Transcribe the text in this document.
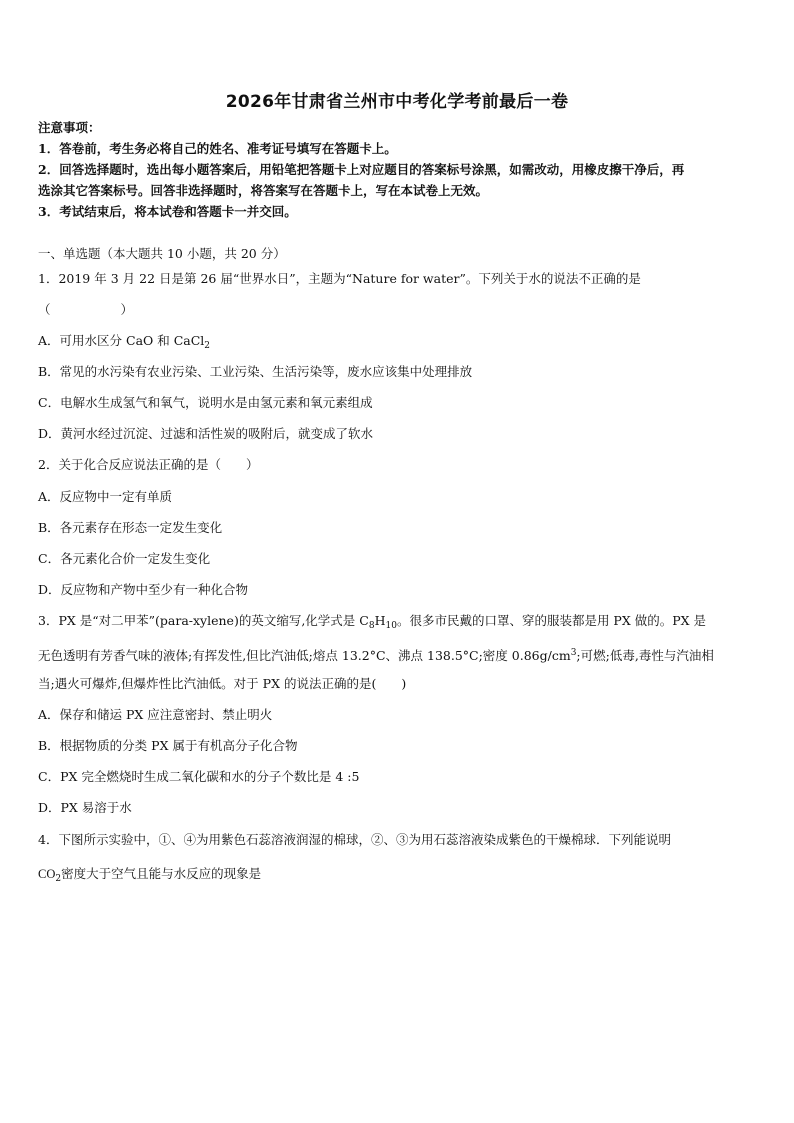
2026年甘肃省兰州市中考化学考前最后一卷
注意事项：
1．答卷前，考生务必将自己的姓名、准考证号填写在答题卡上。
2．回答选择题时，选出每小题答案后，用铅笔把答题卡上对应题目的答案标号涂黑，如需改动，用橡皮擦干净后，再
选涂其它答案标号。回答非选择题时，将答案写在答题卡上，写在本试卷上无效。
3．考试结束后，将本试卷和答题卡一并交回。
一、单选题（本大题共 10 小题，共 20 分）
1．2019 年 3 月 22 日是第 26 届“世界水日”，主题为“Nature for water”。下列关于水的说法不正确的是
（	）
A．可用水区分 CaO 和 CaCl$_2$
B．常见的水污染有农业污染、工业污染、生活污染等，废水应该集中处理排放
C．电解水生成氢气和氧气，说明水是由氢元素和氧元素组成
D．黄河水经过沉淀、过滤和活性炭的吸附后，就变成了软水
2．关于化合反应说法正确的是（　　）
A．反应物中一定有单质
B．各元素存在形态一定发生变化
C．各元素化合价一定发生变化
D．反应物和产物中至少有一种化合物
3．PX 是“对二甲苯”(para-xylene)的英文缩写,化学式是 $C_8H_{10}$。很多市民戴的口罩、穿的服装都是用 PX 做的。PX 是
无色透明有芳香气味的液体;有挥发性,但比汽油低;熔点 13.2°C、沸点 138.5°C;密度 $0.86g/cm^3$;可燃;低毒,毒性与汽油相
当;遇火可爆炸,但爆炸性比汽油低。对于 PX 的说法正确的是(　　)
A．保存和储运 PX 应注意密封、禁止明火
B．根据物质的分类 PX 属于有机高分子化合物
C．PX 完全燃烧时生成二氧化碳和水的分子个数比是 4 :5
D．PX 易溶于水
4．下图所示实验中，①、④为用紫色石蕊溶液润湿的棉球，②、③为用石蕊溶液染成紫色的干燥棉球．下列能说明
$CO_2$密度大于空气且能与水反应的现象是
